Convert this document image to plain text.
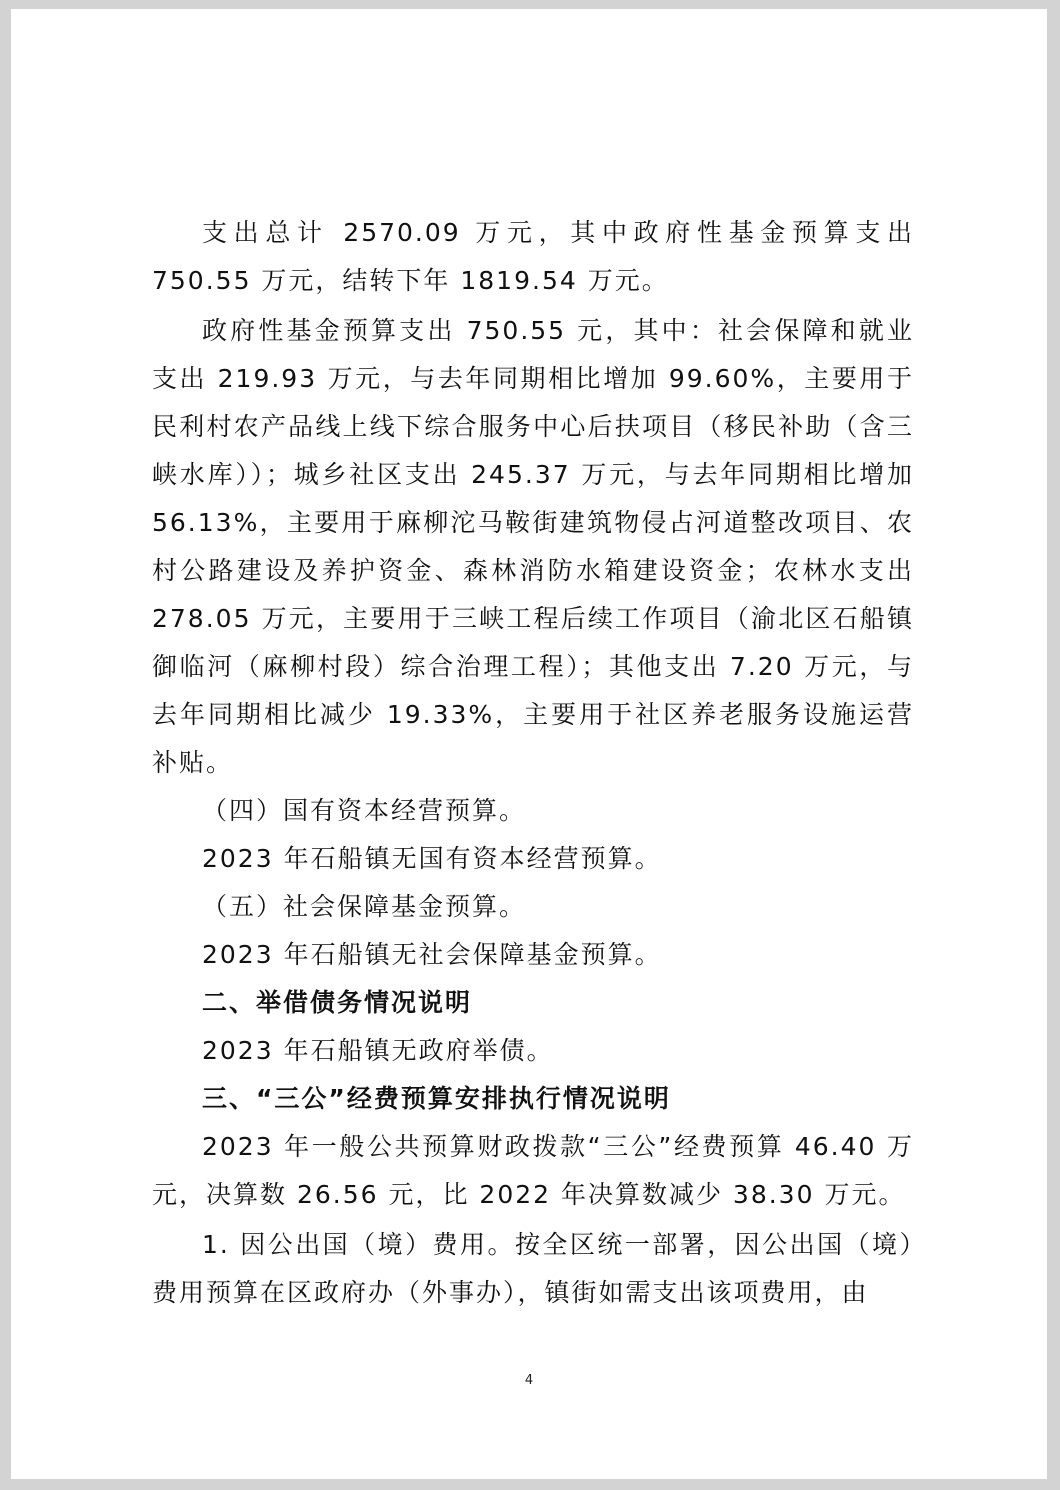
支出总计 2570.09 万元，其中政府性基金预算支出 750.55 万元，结转下年 1819.54 万元。

政府性基金预算支出 750.55 元，其中：社会保障和就业支出 219.93 万元，与去年同期相比增加 99.60%，主要用于民利村农产品线上线下综合服务中心后扶项目（移民补助（含三峡水库））；城乡社区支出 245.37 万元，与去年同期相比增加 56.13%，主要用于麻柳沱马鞍街建筑物侵占河道整改项目、农村公路建设及养护资金、森林消防水箱建设资金；农林水支出 278.05 万元，主要用于三峡工程后续工作项目（渝北区石船镇御临河（麻柳村段）综合治理工程）；其他支出 7.20 万元，与去年同期相比减少 19.33%，主要用于社区养老服务设施运营补贴。

（四）国有资本经营预算。

2023 年石船镇无国有资本经营预算。

（五）社会保障基金预算。

2023 年石船镇无社会保障基金预算。

二、举借债务情况说明

2023 年石船镇无政府举债。

三、“三公”经费预算安排执行情况说明

2023 年一般公共预算财政拨款“三公”经费预算 46.40 万元，决算数 26.56 元，比 2022 年决算数减少 38.30 万元。

1. 因公出国（境）费用。按全区统一部署，因公出国（境）费用预算在区政府办（外事办），镇街如需支出该项费用，由

4
